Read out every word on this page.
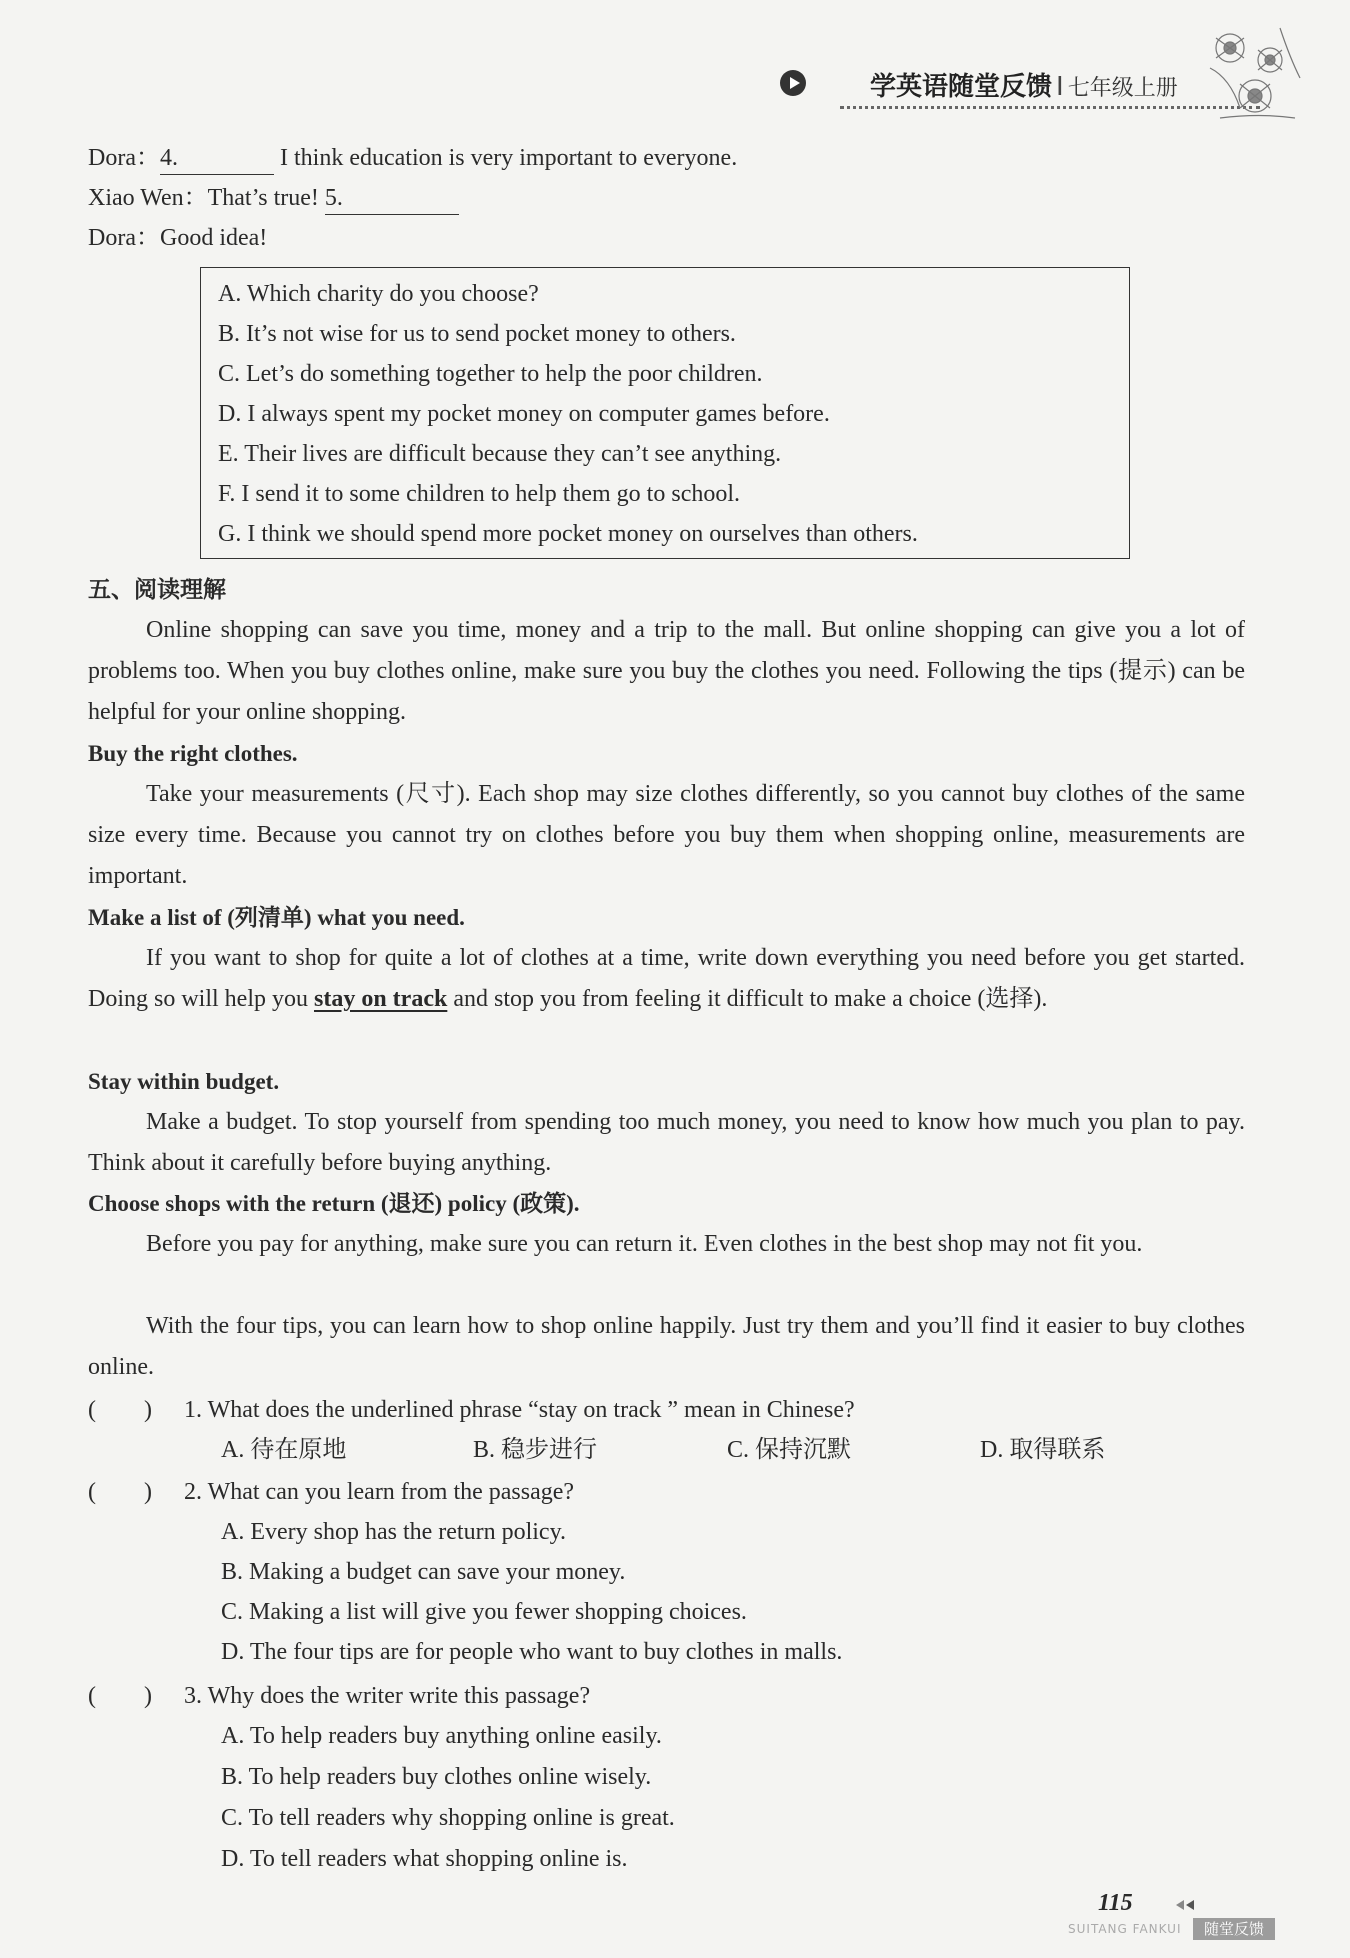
学英语随堂反馈 I 七年级上册
Dora：4.	I think education is very important to everyone.
Xiao Wen：That’s true! 5.
Dora：Good idea!
A. Which charity do you choose?
B. It’s not wise for us to send pocket money to others.
C. Let’s do something together to help the poor children.
D. I always spent my pocket money on computer games before.
E. Their lives are difficult because they can’t see anything.
F. I send it to some children to help them go to school.
G. I think we should spend more pocket money on ourselves than others.
五、阅读理解
Online shopping can save you time, money and a trip to the mall. But online shopping can give you a lot of problems too. When you buy clothes online, make sure you buy the clothes you need. Following the tips (提示) can be helpful for your online shopping.
Buy the right clothes.
Take your measurements (尺寸). Each shop may size clothes differently, so you cannot buy clothes of the same size every time. Because you cannot try on clothes before you buy them when shopping online, measurements are important.
Make a list of (列清单) what you need.
If you want to shop for quite a lot of clothes at a time, write down everything you need before you get started. Doing so will help you stay on track and stop you from feeling it difficult to make a choice (选择).
Stay within budget.
Make a budget. To stop yourself from spending too much money, you need to know how much you plan to pay. Think about it carefully before buying anything.
Choose shops with the return (退还) policy (政策).
Before you pay for anything, make sure you can return it. Even clothes in the best shop may not fit you.
With the four tips, you can learn how to shop online happily. Just try them and you’ll find it easier to buy clothes online.
(　　) 1. What does the underlined phrase “stay on track ” mean in Chinese?
A. 待在原地	B. 稳步进行	C. 保持沉默	D. 取得联系
(　　) 2. What can you learn from the passage?
A. Every shop has the return policy.
B. Making a budget can save your money.
C. Making a list will give you fewer shopping choices.
D. The four tips are for people who want to buy clothes in malls.
(　　) 3. Why does the writer write this passage?
A. To help readers buy anything online easily.
B. To help readers buy clothes online wisely.
C. To tell readers why shopping online is great.
D. To tell readers what shopping online is.
115
SUITANG FANKUI	随堂反馈
